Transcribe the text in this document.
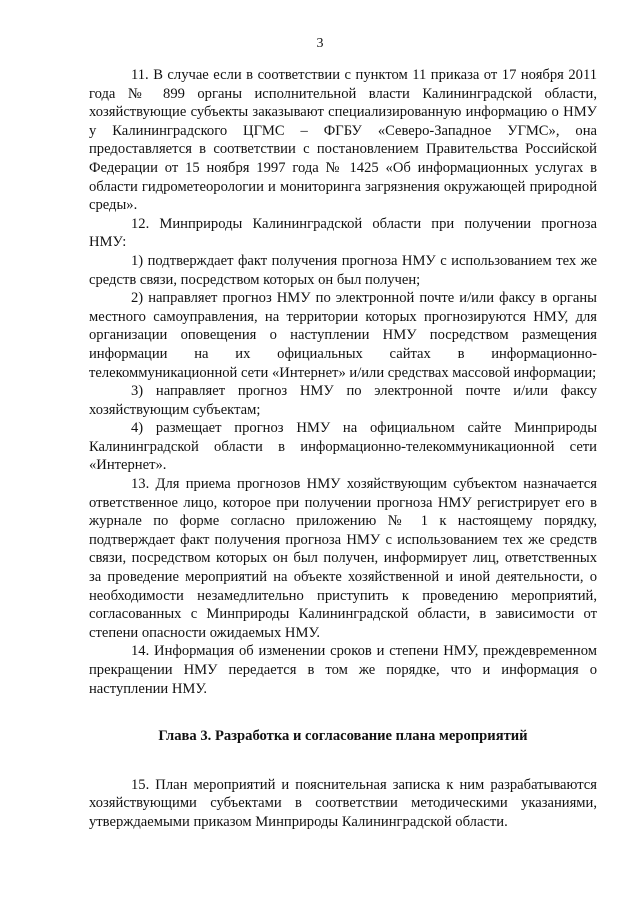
3

11. В случае если в соответствии с пунктом 11 приказа от 17 ноября 2011 года № 899 органы исполнительной власти Калининградской области, хозяйствующие субъекты заказывают специализированную информацию о НМУ у Калининградского ЦГМС – ФГБУ «Северо-Западное УГМС», она предоставляется в соответствии с постановлением Правительства Российской Федерации от 15 ноября 1997 года № 1425 «Об информационных услугах в области гидрометеорологии и мониторинга загрязнения окружающей природной среды».

12. Минприроды Калининградской области при получении прогноза НМУ:

1) подтверждает факт получения прогноза НМУ с использованием тех же средств связи, посредством которых он был получен;

2) направляет прогноз НМУ по электронной почте и/или факсу в органы местного самоуправления, на территории которых прогнозируются НМУ, для организации оповещения о наступлении НМУ посредством размещения информации на их официальных сайтах в информационно-телекоммуникационной сети «Интернет» и/или средствах массовой информации;

3) направляет прогноз НМУ по электронной почте и/или факсу хозяйствующим субъектам;

4) размещает прогноз НМУ на официальном сайте Минприроды Калининградской области в информационно-телекоммуникационной сети «Интернет».

13. Для приема прогнозов НМУ хозяйствующим субъектом назначается ответственное лицо, которое при получении прогноза НМУ регистрирует его в журнале по форме согласно приложению № 1 к настоящему порядку, подтверждает факт получения прогноза НМУ с использованием тех же средств связи, посредством которых он был получен, информирует лиц, ответственных за проведение мероприятий на объекте хозяйственной и иной деятельности, о необходимости незамедлительно приступить к проведению мероприятий, согласованных с Минприроды Калининградской области, в зависимости от степени опасности ожидаемых НМУ.

14. Информация об изменении сроков и степени НМУ, преждевременном прекращении НМУ передается в том же порядке, что и информация о наступлении НМУ.

Глава 3. Разработка и согласование плана мероприятий

15. План мероприятий и пояснительная записка к ним разрабатываются хозяйствующими субъектами в соответствии методическими указаниями, утверждаемыми приказом Минприроды Калининградской области.
